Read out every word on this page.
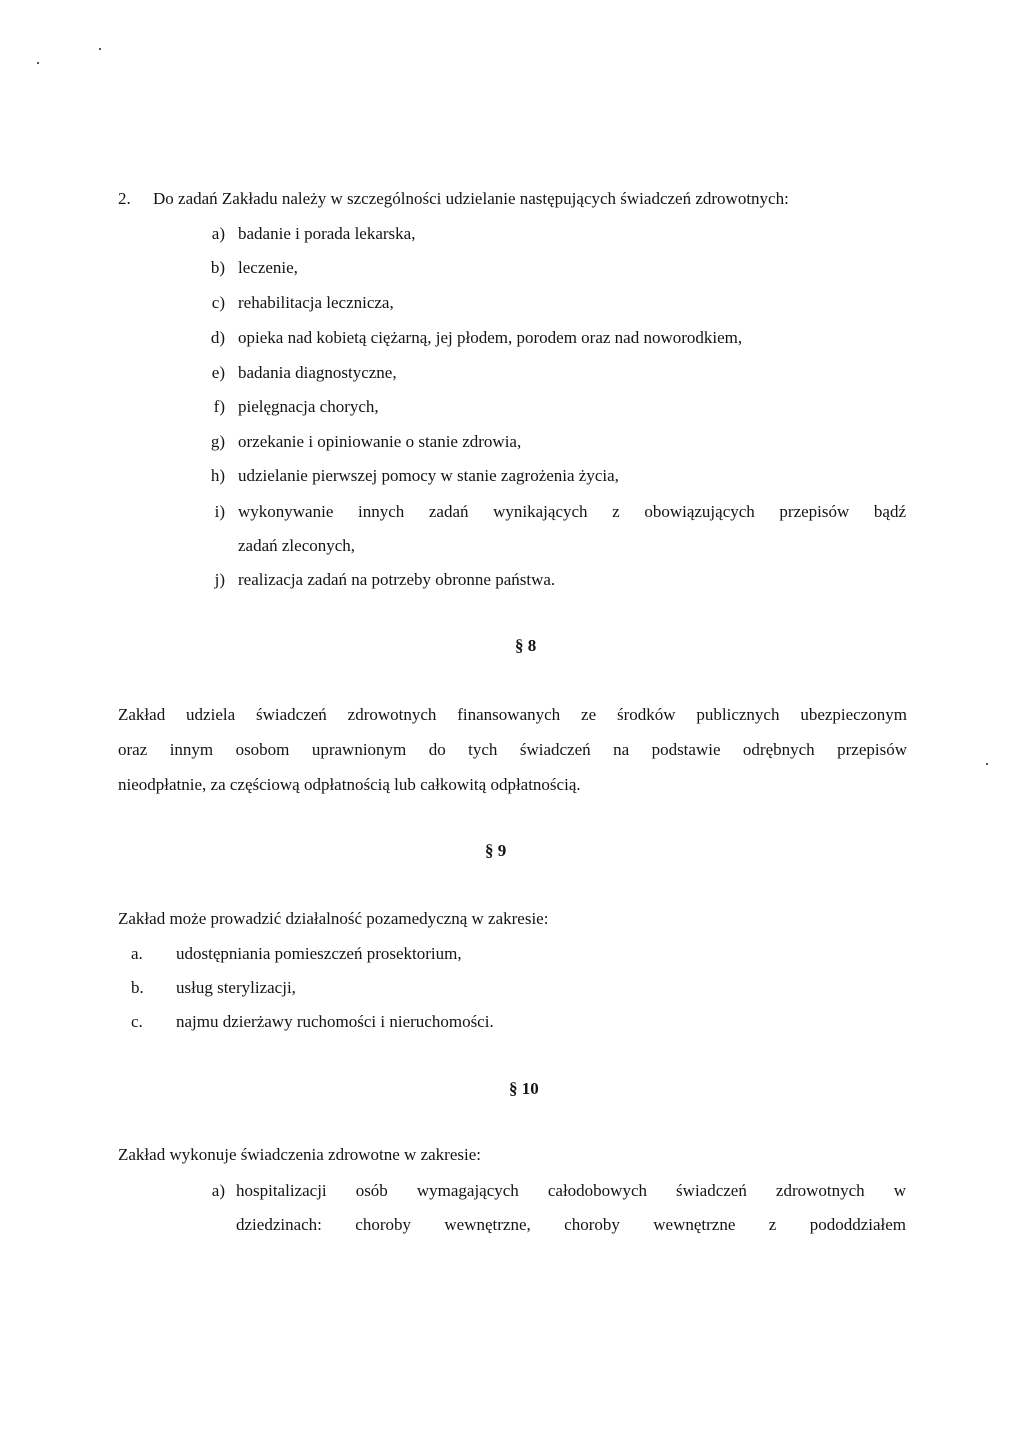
2. Do zadań Zakładu należy w szczególności udzielanie następujących świadczeń zdrowotnych:
a) badanie i porada lekarska,
b) leczenie,
c) rehabilitacja lecznicza,
d) opieka nad kobietą ciężarną, jej płodem, porodem oraz nad noworodkiem,
e) badania diagnostyczne,
f) pielęgnacja chorych,
g) orzekanie i opiniowanie o stanie zdrowia,
h) udzielanie pierwszej pomocy w stanie zagrożenia życia,
i) wykonywanie innych zadań wynikających z obowiązujących przepisów bądź
zadań zleconych,
j) realizacja zadań na potrzeby obronne państwa.
§ 8
Zakład udziela świadczeń zdrowotnych finansowanych ze środków publicznych ubezpieczonym
oraz innym osobom uprawnionym do tych świadczeń na podstawie odrębnych przepisów
nieodpłatnie, za częściową odpłatnością lub całkowitą odpłatnością.
§ 9
Zakład może prowadzić działalność pozamedyczną w zakresie:
a. udostępniania pomieszczeń prosektorium,
b. usług sterylizacji,
c. najmu dzierżawy ruchomości i nieruchomości.
§ 10
Zakład wykonuje świadczenia zdrowotne w zakresie:
a) hospitalizacji osób wymagających całodobowych świadczeń zdrowotnych w
dziedzinach: choroby wewnętrzne, choroby wewnętrzne z pododdziałem
